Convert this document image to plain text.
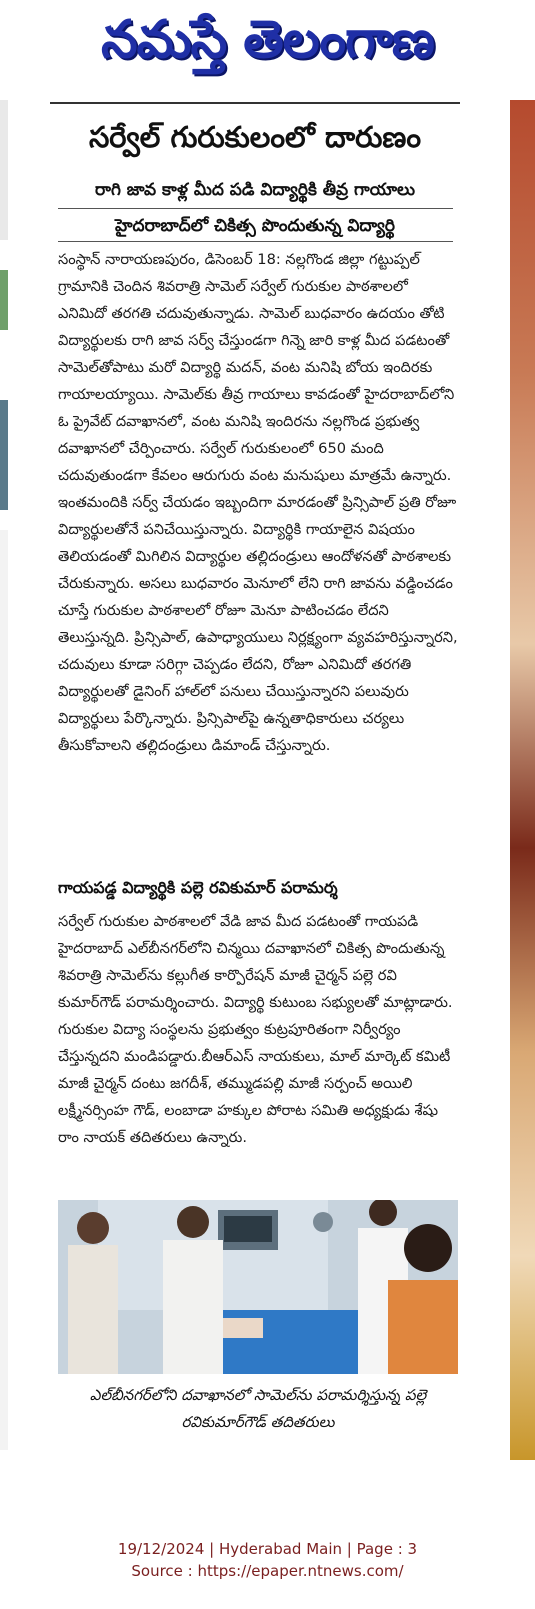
నమస్తే తెలంగాణ
సర్వేల్ గురుకులంలో దారుణం
రాగి జావ కాళ్ల మీద పడి విద్యార్థికి తీవ్ర గాయాలు
హైదరాబాద్‌లో చికిత్స పొందుతున్న విద్యార్థి

సంస్థాన్ నారాయణపురం, డిసెంబర్ 18: నల్లగొండ జిల్లా గట్టుప్పల్ గ్రామానికి చెందిన శివరాత్రి సామెల్ సర్వేల్ గురుకుల పాఠశాలలో ఎనిమిదో తరగతి చదువుతున్నాడు. సామెల్ బుధవారం ఉదయం తోటి విద్యార్థులకు రాగి జావ సర్వ్ చేస్తుండగా గిన్నె జారి కాళ్ల మీద పడటంతో సామెల్‌తోపాటు మరో విద్యార్థి మదన్, వంట మనిషి బోయ ఇందిరకు గాయాలయ్యాయి. సామెల్‌కు తీవ్ర గాయాలు కావడంతో హైదరాబాద్‌లోని ఓ ప్రైవేట్ దవాఖానలో, వంట మనిషి ఇందిరను నల్లగొండ ప్రభుత్వ దవాఖానలో చేర్పించారు. సర్వేల్ గురుకులంలో 650 మంది చదువుతుండగా కేవలం ఆరుగురు వంట మనుషులు మాత్రమే ఉన్నారు. ఇంతమందికి సర్వ్ చేయడం ఇబ్బందిగా మారడంతో ప్రిన్సిపాల్ ప్రతి రోజూ విద్యార్థులతోనే పనిచేయిస్తున్నారు. విద్యార్థికి గాయాలైన విషయం తెలియడంతో మిగిలిన విద్యార్థుల తల్లిదండ్రులు ఆందోళనతో పాఠశాలకు చేరుకున్నారు. అసలు బుధవారం మెనూలో లేని రాగి జావను వడ్డించడం చూస్తే గురుకుల పాఠశాలలో రోజూ మెనూ పాటించడం లేదని తెలుస్తున్నది. ప్రిన్సిపాల్, ఉపాధ్యాయులు నిర్లక్ష్యంగా వ్యవహరిస్తున్నారని, చదువులు కూడా సరిగ్గా చెప్పడం లేదని, రోజూ ఎనిమిదో తరగతి విద్యార్థులతో డైనింగ్ హాల్‌లో పనులు చేయిస్తున్నారని పలువురు విద్యార్థులు పేర్కొన్నారు. ప్రిన్సిపాల్‌పై ఉన్నతాధికారులు చర్యలు తీసుకోవాలని తల్లిదండ్రులు డిమాండ్ చేస్తున్నారు.

గాయపడ్డ విద్యార్థికి పల్లె రవికుమార్ పరామర్శ

సర్వేల్ గురుకుల పాఠశాలలో వేడి జావ మీద పడటంతో గాయపడి హైదరాబాద్ ఎల్‌బీనగర్‌లోని చిన్మయి దవాఖానలో చికిత్స పొందుతున్న శివరాత్రి సామెల్‌ను కల్లుగీత కార్పొరేషన్ మాజీ చైర్మన్ పల్లె రవి కుమార్‌గౌడ్ పరామర్శించారు. విద్యార్థి కుటుంబ సభ్యులతో మాట్లాడారు. గురుకుల విద్యా సంస్థలను ప్రభుత్వం కుట్రపూరితంగా నిర్వీర్యం చేస్తున్నదని మండిపడ్డారు.బీఆర్‌ఎస్ నాయకులు, మాల్ మార్కెట్ కమిటీ మాజీ చైర్మన్ దంటు జగదీశ్, తమ్ముడపల్లి మాజీ సర్పంచ్ అయిలి లక్ష్మీనర్సింహ గౌడ్, లంబాడా హక్కుల పోరాట సమితి అధ్యక్షుడు శేషు రాం నాయక్ తదితరులు ఉన్నారు.

ఎల్‌బీనగర్‌లోని దవాఖానలో సామెల్‌ను పరామర్శిస్తున్న పల్లె రవికుమార్‌గౌడ్ తదితరులు
19/12/2024 | Hyderabad Main | Page : 3
Source : https://epaper.ntnews.com/
